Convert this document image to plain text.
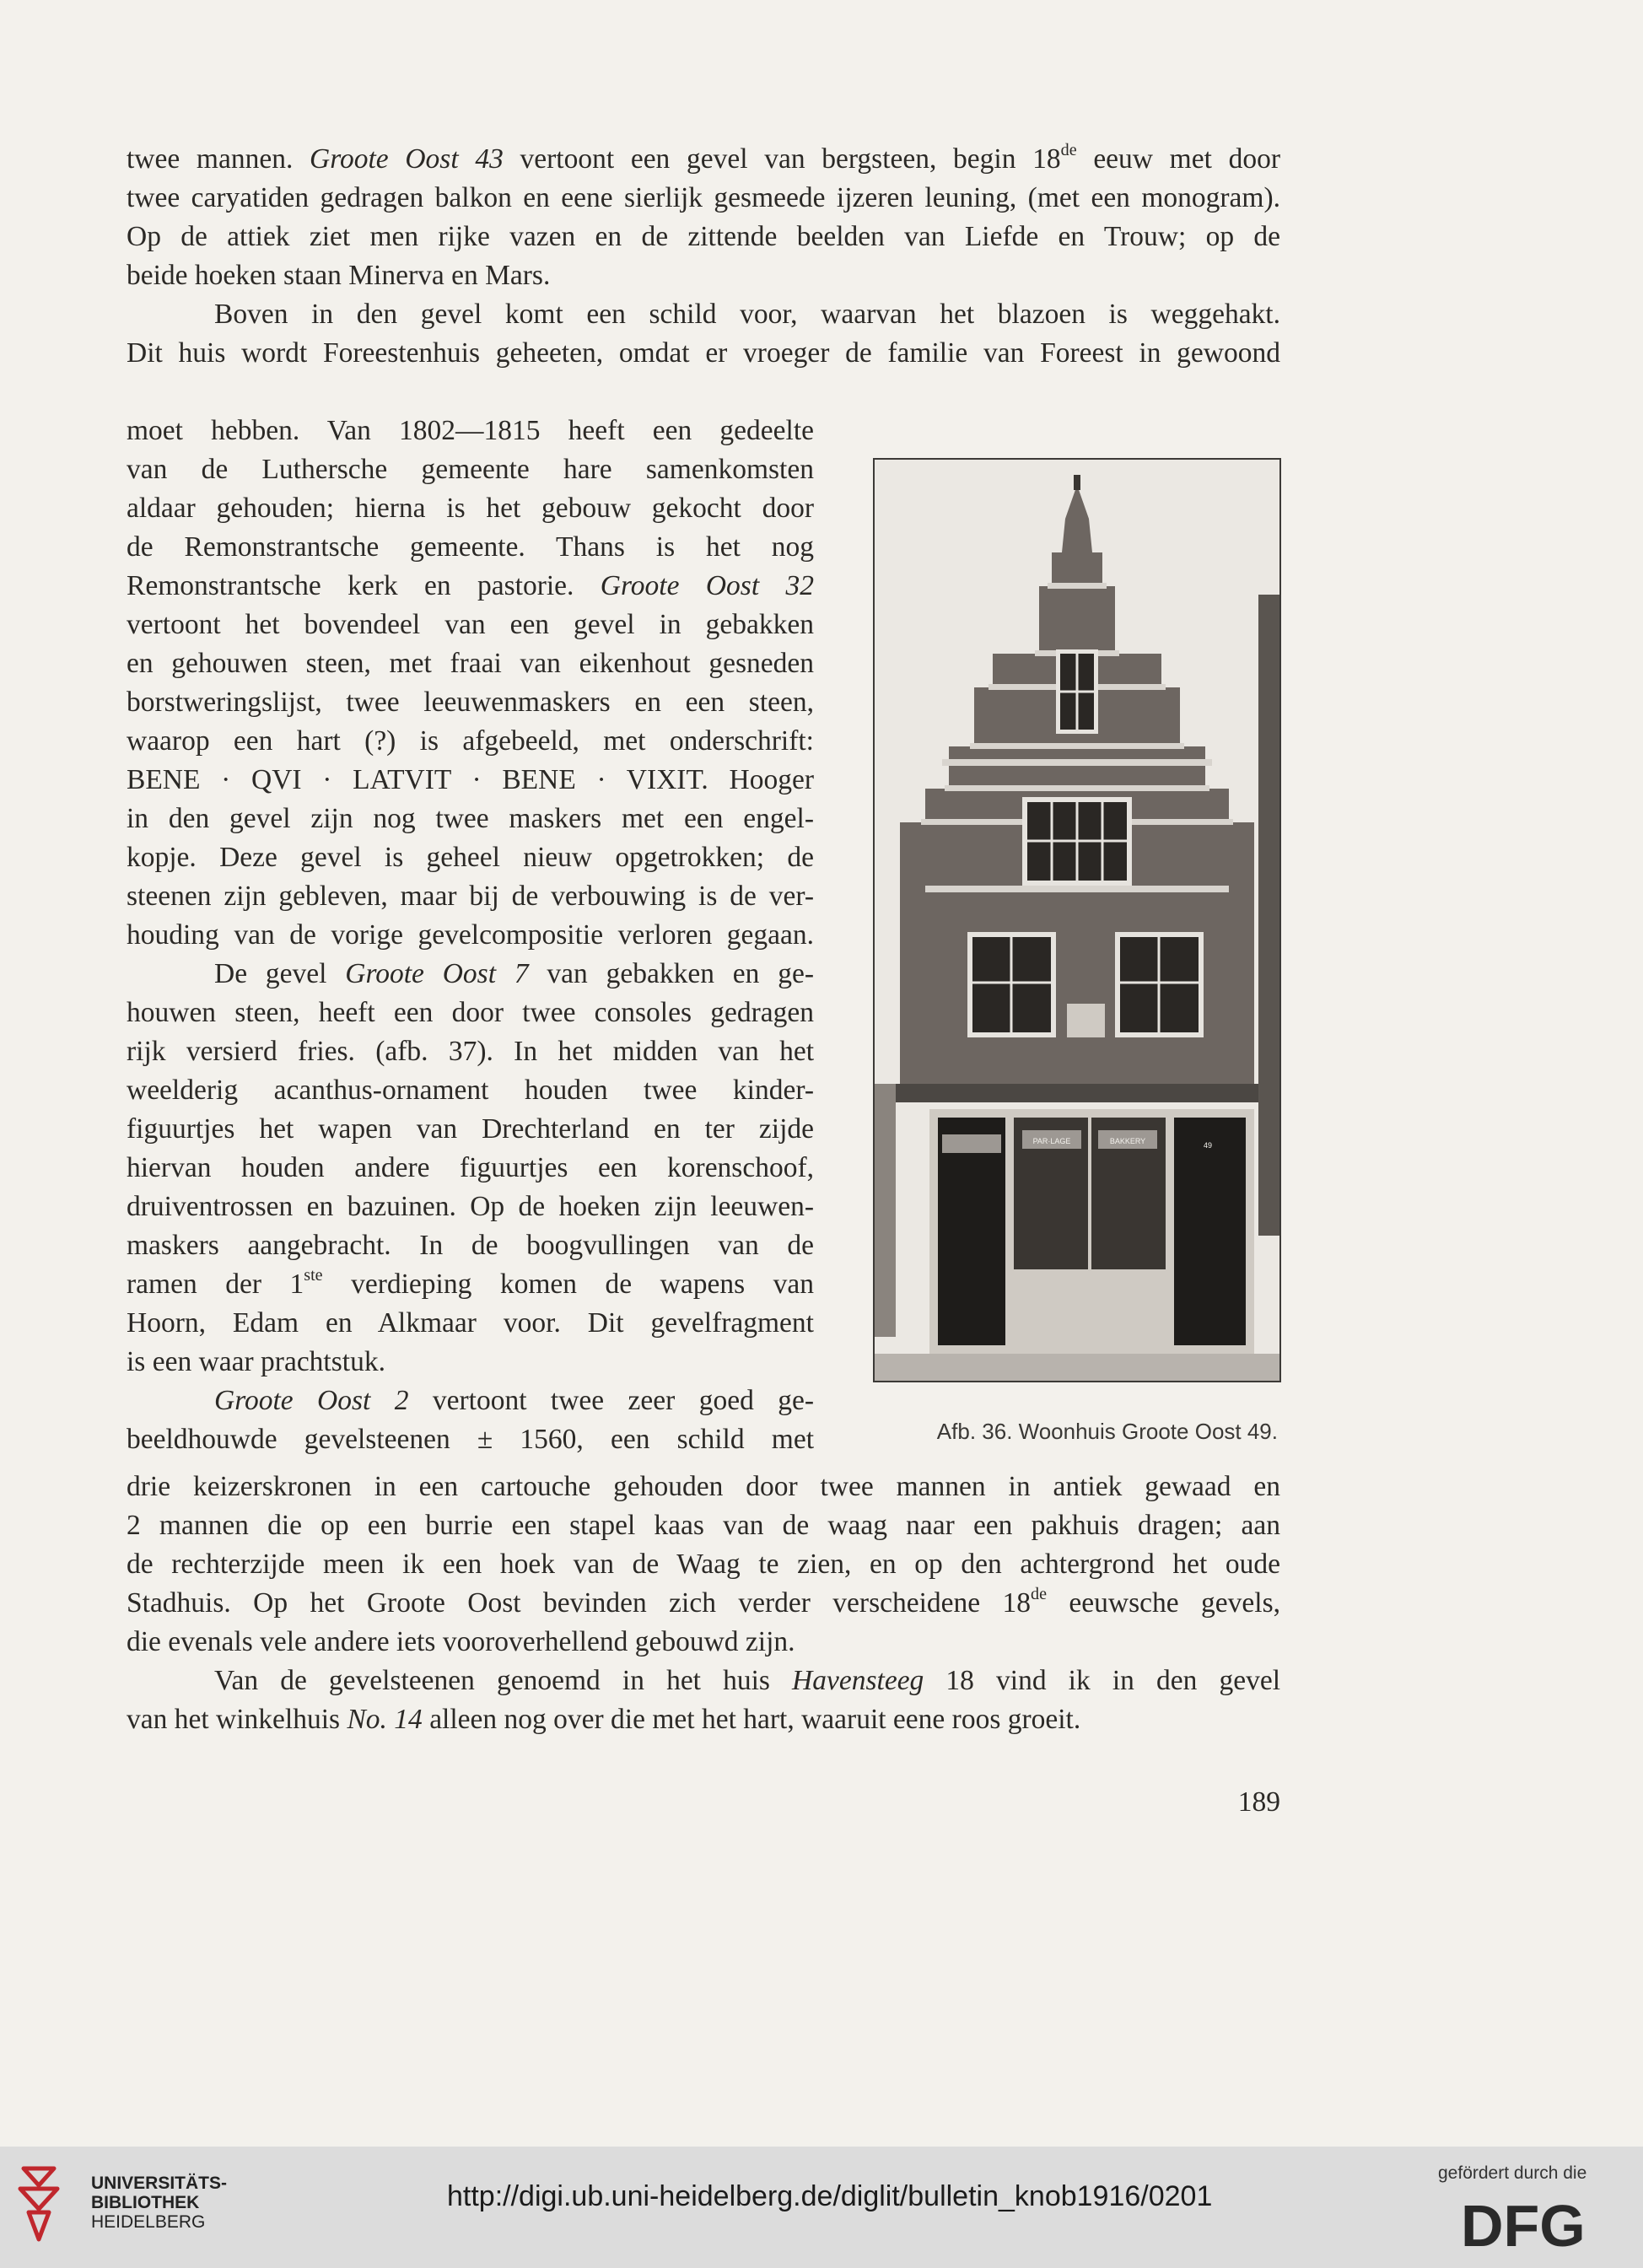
twee mannen. Groote Oost 43 vertoont een gevel van bergsteen, begin 18de eeuw met door

twee caryatiden gedragen balkon en eene sierlijk gesmeede ijzeren leuning, (met een monogram).

Op de attiek ziet men rijke vazen en de zittende beelden van Liefde en Trouw; op de

beide hoeken staan Minerva en Mars.

Boven in den gevel komt een schild voor, waarvan het blazoen is weggehakt.

Dit huis wordt Foreestenhuis geheeten, omdat er vroeger de familie van Foreest in gewoond

moet hebben. Van 1802—1815 heeft een gedeelte

van de Luthersche gemeente hare samenkomsten

aldaar gehouden; hierna is het gebouw gekocht door

de Remonstrantsche gemeente. Thans is het nog

Remonstrantsche kerk en pastorie. Groote Oost 32

vertoont het bovendeel van een gevel in gebakken

en gehouwen steen, met fraai van eikenhout gesneden

borstweringslijst, twee leeuwenmaskers en een steen,

waarop een hart (?) is afgebeeld, met onderschrift:

BENE · QVI · LATVIT · BENE · VIXIT. Hooger

in den gevel zijn nog twee maskers met een engel-

kopje. Deze gevel is geheel nieuw opgetrokken; de

steenen zijn gebleven, maar bij de verbouwing is de ver-

houding van de vorige gevelcompositie verloren gegaan.

De gevel Groote Oost 7 van gebakken en ge-

houwen steen, heeft een door twee consoles gedragen

rijk versierd fries. (afb. 37). In het midden van het

weelderig acanthus-ornament houden twee kinder-

figuurtjes het wapen van Drechterland en ter zijde

hiervan houden andere figuurtjes een korenschoof,

druiventrossen en bazuinen. Op de hoeken zijn leeuwen-

maskers aangebracht. In de boogvullingen van de

ramen der 1ste verdieping komen de wapens van

Hoorn, Edam en Alkmaar voor. Dit gevelfragment

is een waar prachtstuk.

Groote Oost 2 vertoont twee zeer goed ge-

beeldhouwde gevelsteenen ± 1560, een schild met

drie keizerskronen in een cartouche gehouden door twee mannen in antiek gewaad en

2 mannen die op een burrie een stapel kaas van de waag naar een pakhuis dragen; aan

de rechterzijde meen ik een hoek van de Waag te zien, en op den achtergrond het oude

Stadhuis. Op het Groote Oost bevinden zich verder verscheidene 18de eeuwsche gevels,

die evenals vele andere iets vooroverhellend gebouwd zijn.

Van de gevelsteenen genoemd in het huis Havensteeg 18 vind ik in den gevel

van het winkelhuis No. 14 alleen nog over die met het hart, waaruit eene roos groeit.

PAR·LAGE	BAKKERY	49
Afb. 36. Woonhuis Groote Oost 49.
189
UNIVERSITÄTS-
BIBLIOTHEK
HEIDELBERG
http://digi.ub.uni-heidelberg.de/diglit/bulletin_knob1916/0201
gefördert durch die
DFG
